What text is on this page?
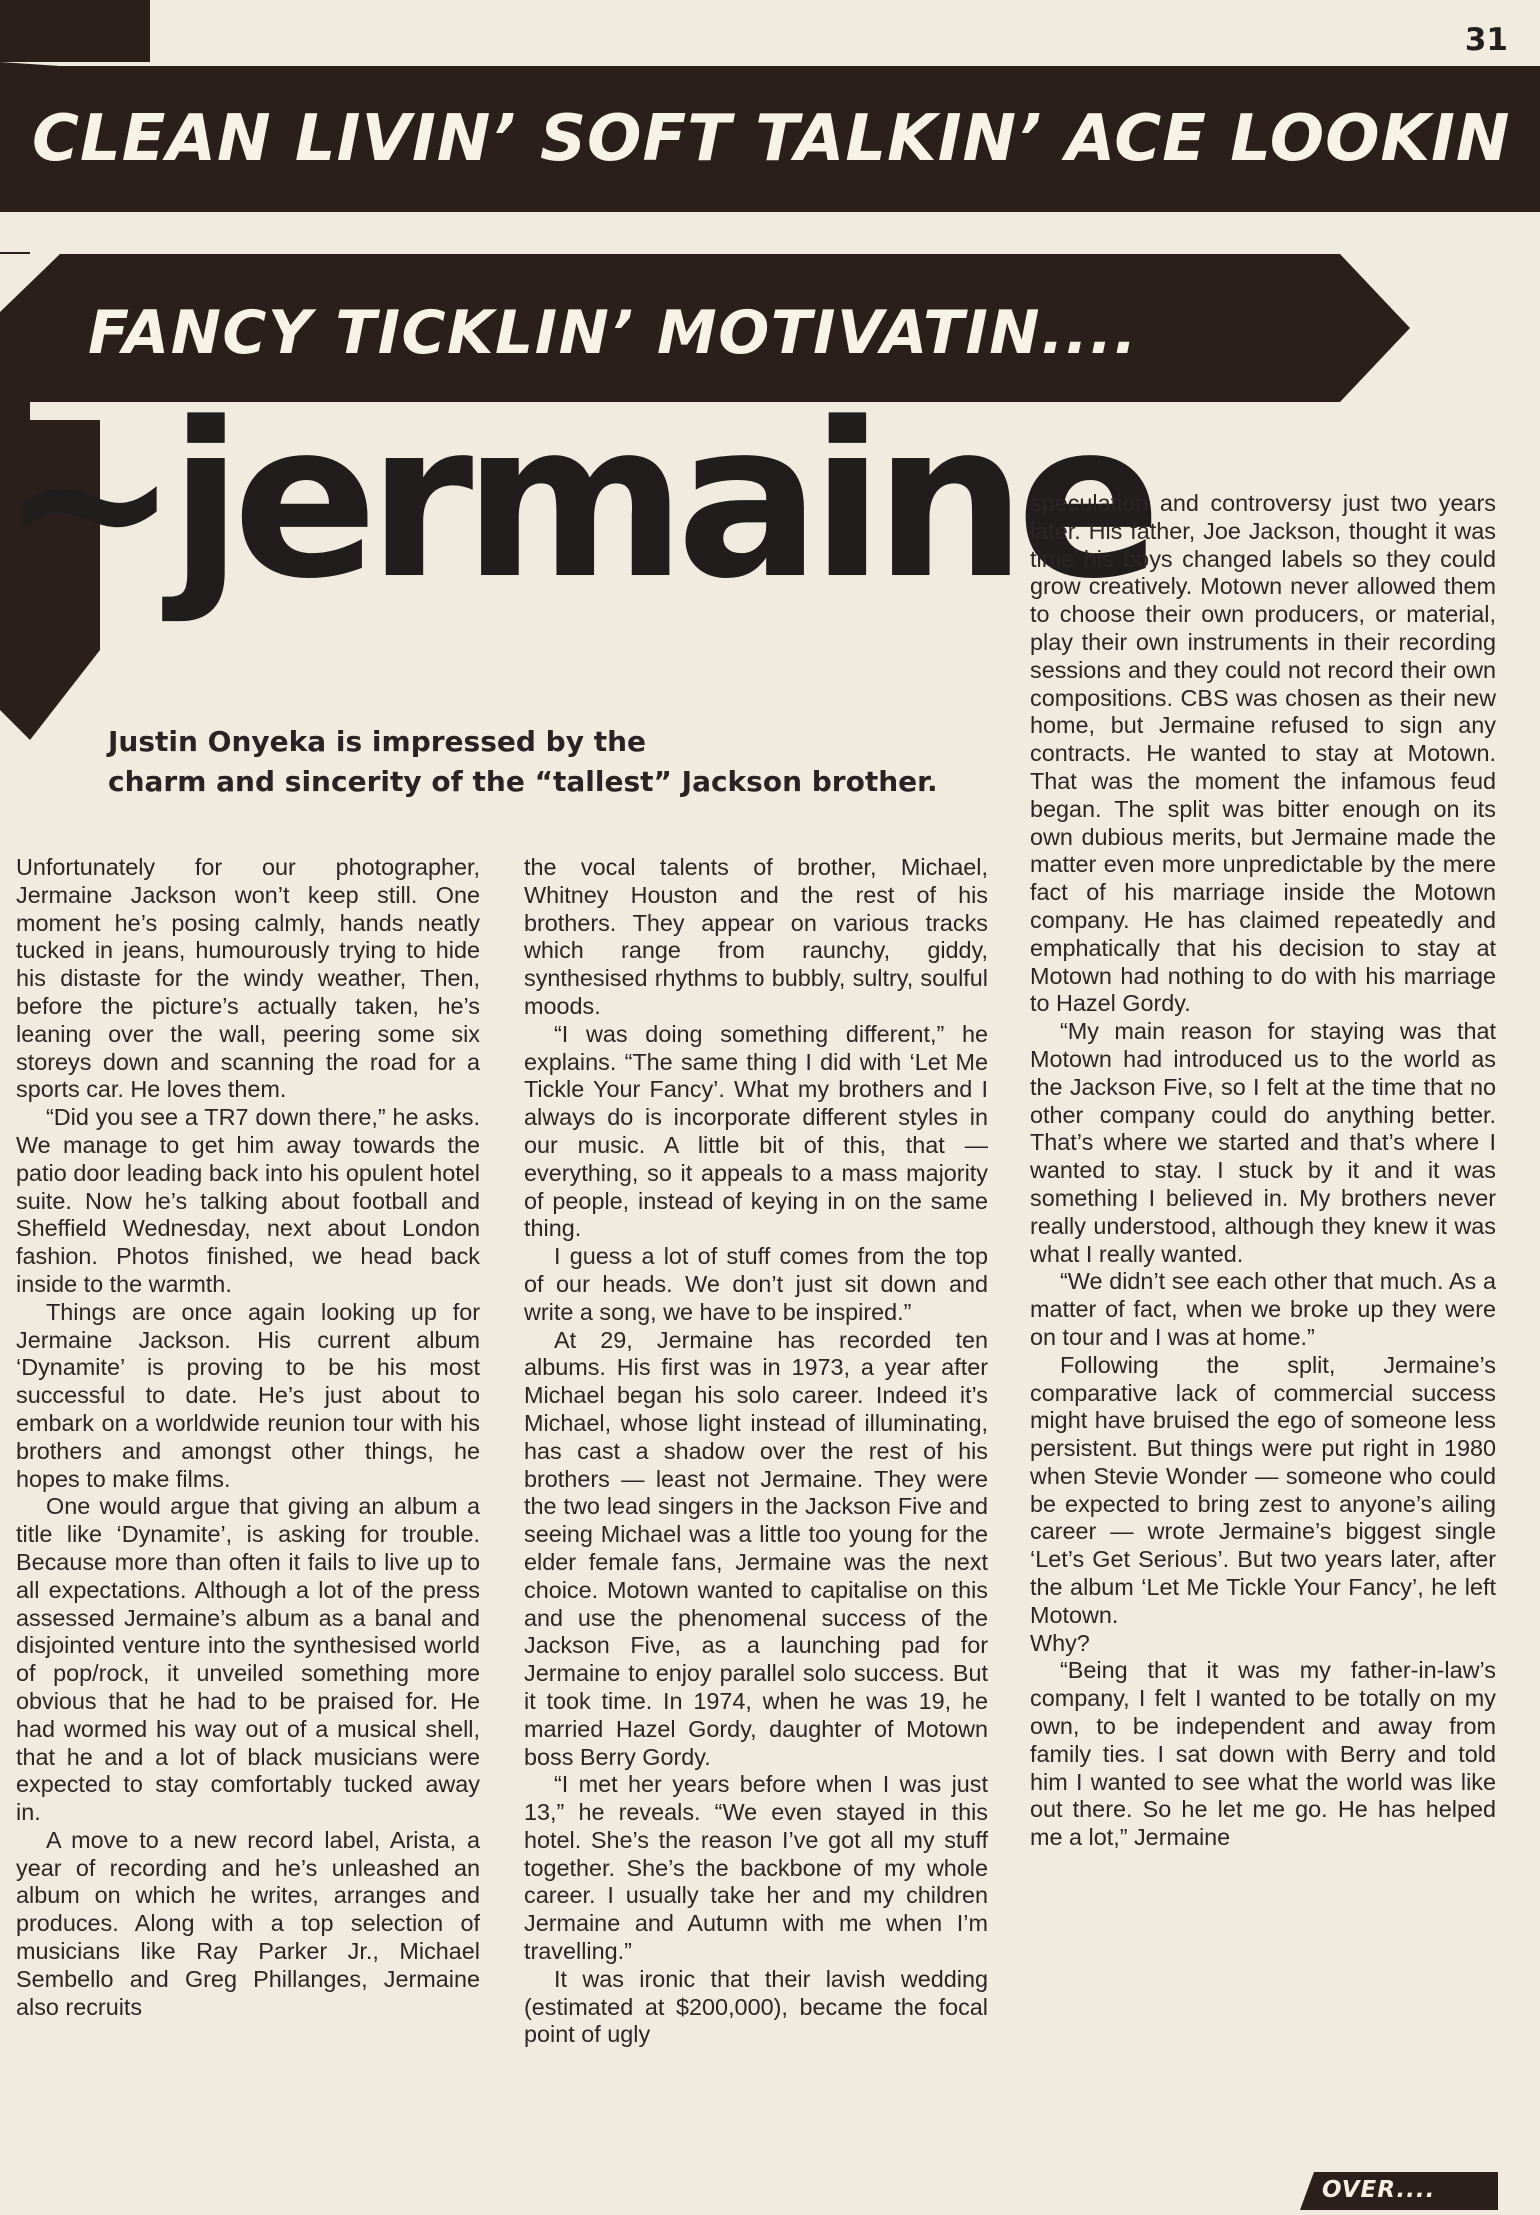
31
CLEAN LIVIN’ SOFT TALKIN’ ACE LOOKIN
FANCY TICKLIN’ MOTIVATIN....
~jermaine
Justin Onyeka is impressed by the
charm and sincerity of the “tallest” Jackson brother.

Unfortunately for our photographer, Jermaine Jackson won’t keep still. One moment he’s posing calmly, hands neatly tucked in jeans, humourously trying to hide his distaste for the windy weather, Then, before the picture’s actually taken, he’s leaning over the wall, peering some six storeys down and scanning the road for a sports car. He loves them.

“Did you see a TR7 down there,” he asks. We manage to get him away towards the patio door leading back into his opulent hotel suite. Now he’s talking about football and Sheffield Wednesday, next about London fashion. Photos finished, we head back inside to the warmth.

Things are once again looking up for Jermaine Jackson. His current album ‘Dynamite’ is proving to be his most successful to date. He’s just about to embark on a worldwide reunion tour with his brothers and amongst other things, he hopes to make films.

One would argue that giving an album a title like ‘Dynamite’, is asking for trouble. Because more than often it fails to live up to all expectations. Although a lot of the press assessed Jermaine’s album as a banal and disjointed venture into the synthesised world of pop/rock, it unveiled something more obvious that he had to be praised for. He had wormed his way out of a musical shell, that he and a lot of black musicians were expected to stay comfortably tucked away in.

A move to a new record label, Arista, a year of recording and he’s unleashed an album on which he writes, arranges and produces. Along with a top selection of musicians like Ray Parker Jr., Michael Sembello and Greg Phillanges, Jermaine also recruits

the vocal talents of brother, Michael, Whitney Houston and the rest of his brothers. They appear on various tracks which range from raunchy, giddy, synthesised rhythms to bubbly, sultry, soulful moods.

“I was doing something different,” he explains. “The same thing I did with ‘Let Me Tickle Your Fancy’. What my brothers and I always do is incorporate different styles in our music. A little bit of this, that — everything, so it appeals to a mass majority of people, instead of keying in on the same thing.

I guess a lot of stuff comes from the top of our heads. We don’t just sit down and write a song, we have to be inspired.”

At 29, Jermaine has recorded ten albums. His first was in 1973, a year after Michael began his solo career. Indeed it’s Michael, whose light instead of illuminating, has cast a shadow over the rest of his brothers — least not Jermaine. They were the two lead singers in the Jackson Five and seeing Michael was a little too young for the elder female fans, Jermaine was the next choice. Motown wanted to capitalise on this and use the phenomenal success of the Jackson Five, as a launching pad for Jermaine to enjoy parallel solo success. But it took time. In 1974, when he was 19, he married Hazel Gordy, daughter of Motown boss Berry Gordy.

“I met her years before when I was just 13,” he reveals. “We even stayed in this hotel. She’s the reason I’ve got all my stuff together. She’s the backbone of my whole career. I usually take her and my children Jermaine and Autumn with me when I’m travelling.”

It was ironic that their lavish wedding (estimated at $200,000), became the focal point of ugly

speculation and controversy just two years later. His father, Joe Jackson, thought it was time his boys changed labels so they could grow creatively. Motown never allowed them to choose their own producers, or material, play their own instruments in their recording sessions and they could not record their own compositions. CBS was chosen as their new home, but Jermaine refused to sign any contracts. He wanted to stay at Motown. That was the moment the infamous feud began. The split was bitter enough on its own dubious merits, but Jermaine made the matter even more unpredictable by the mere fact of his marriage inside the Motown company. He has claimed repeatedly and emphatically that his decision to stay at Motown had nothing to do with his marriage to Hazel Gordy.

“My main reason for staying was that Motown had introduced us to the world as the Jackson Five, so I felt at the time that no other company could do anything better. That’s where we started and that’s where I wanted to stay. I stuck by it and it was something I believed in. My brothers never really understood, although they knew it was what I really wanted.

“We didn’t see each other that much. As a matter of fact, when we broke up they were on tour and I was at home.”

Following the split, Jermaine’s comparative lack of commercial success might have bruised the ego of someone less persistent. But things were put right in 1980 when Stevie Wonder — someone who could be expected to bring zest to anyone’s ailing career — wrote Jermaine’s biggest single ‘Let’s Get Serious’. But two years later, after the album ‘Let Me Tickle Your Fancy’, he left Motown.

Why?

“Being that it was my father-in-law’s company, I felt I wanted to be totally on my own, to be independent and away from family ties. I sat down with Berry and told him I wanted to see what the world was like out there. So he let me go. He has helped me a lot,” Jermaine

OVER....
